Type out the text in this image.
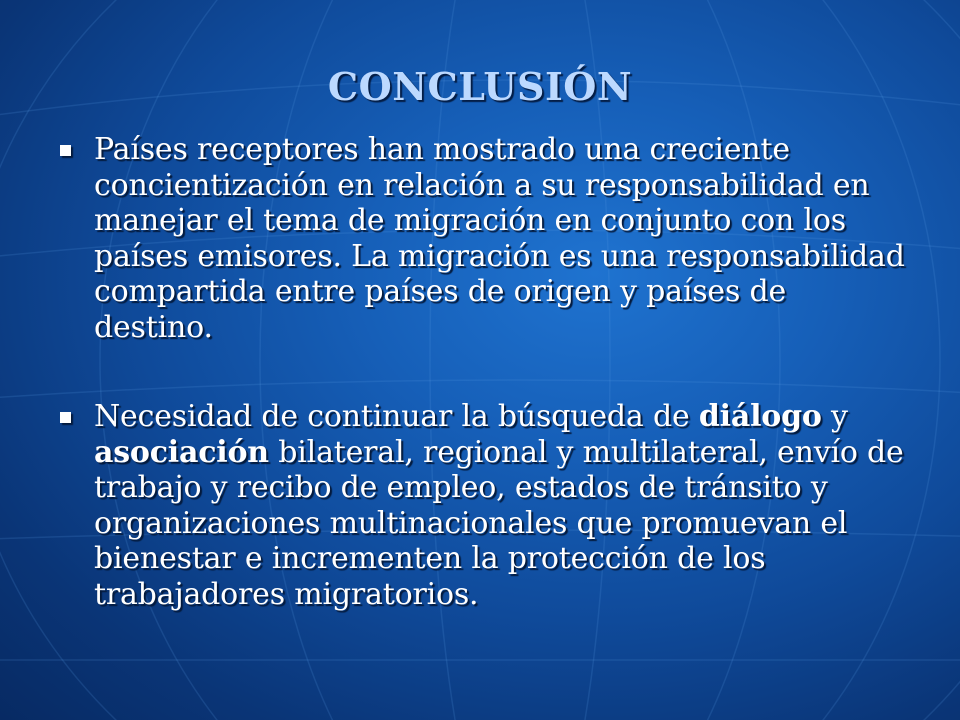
CONCLUSIÓN
Países receptores han mostrado una creciente concientización en relación a su responsabilidad en manejar el tema de migración en conjunto con los países emisores. La migración es una responsabilidad compartida entre países de origen y países de destino.
Necesidad de continuar la búsqueda de diálogo y asociación bilateral, regional y multilateral, envío de trabajo y recibo de empleo, estados de tránsito y organizaciones multinacionales que promuevan el bienestar e incrementen la protección de los trabajadores migratorios.
